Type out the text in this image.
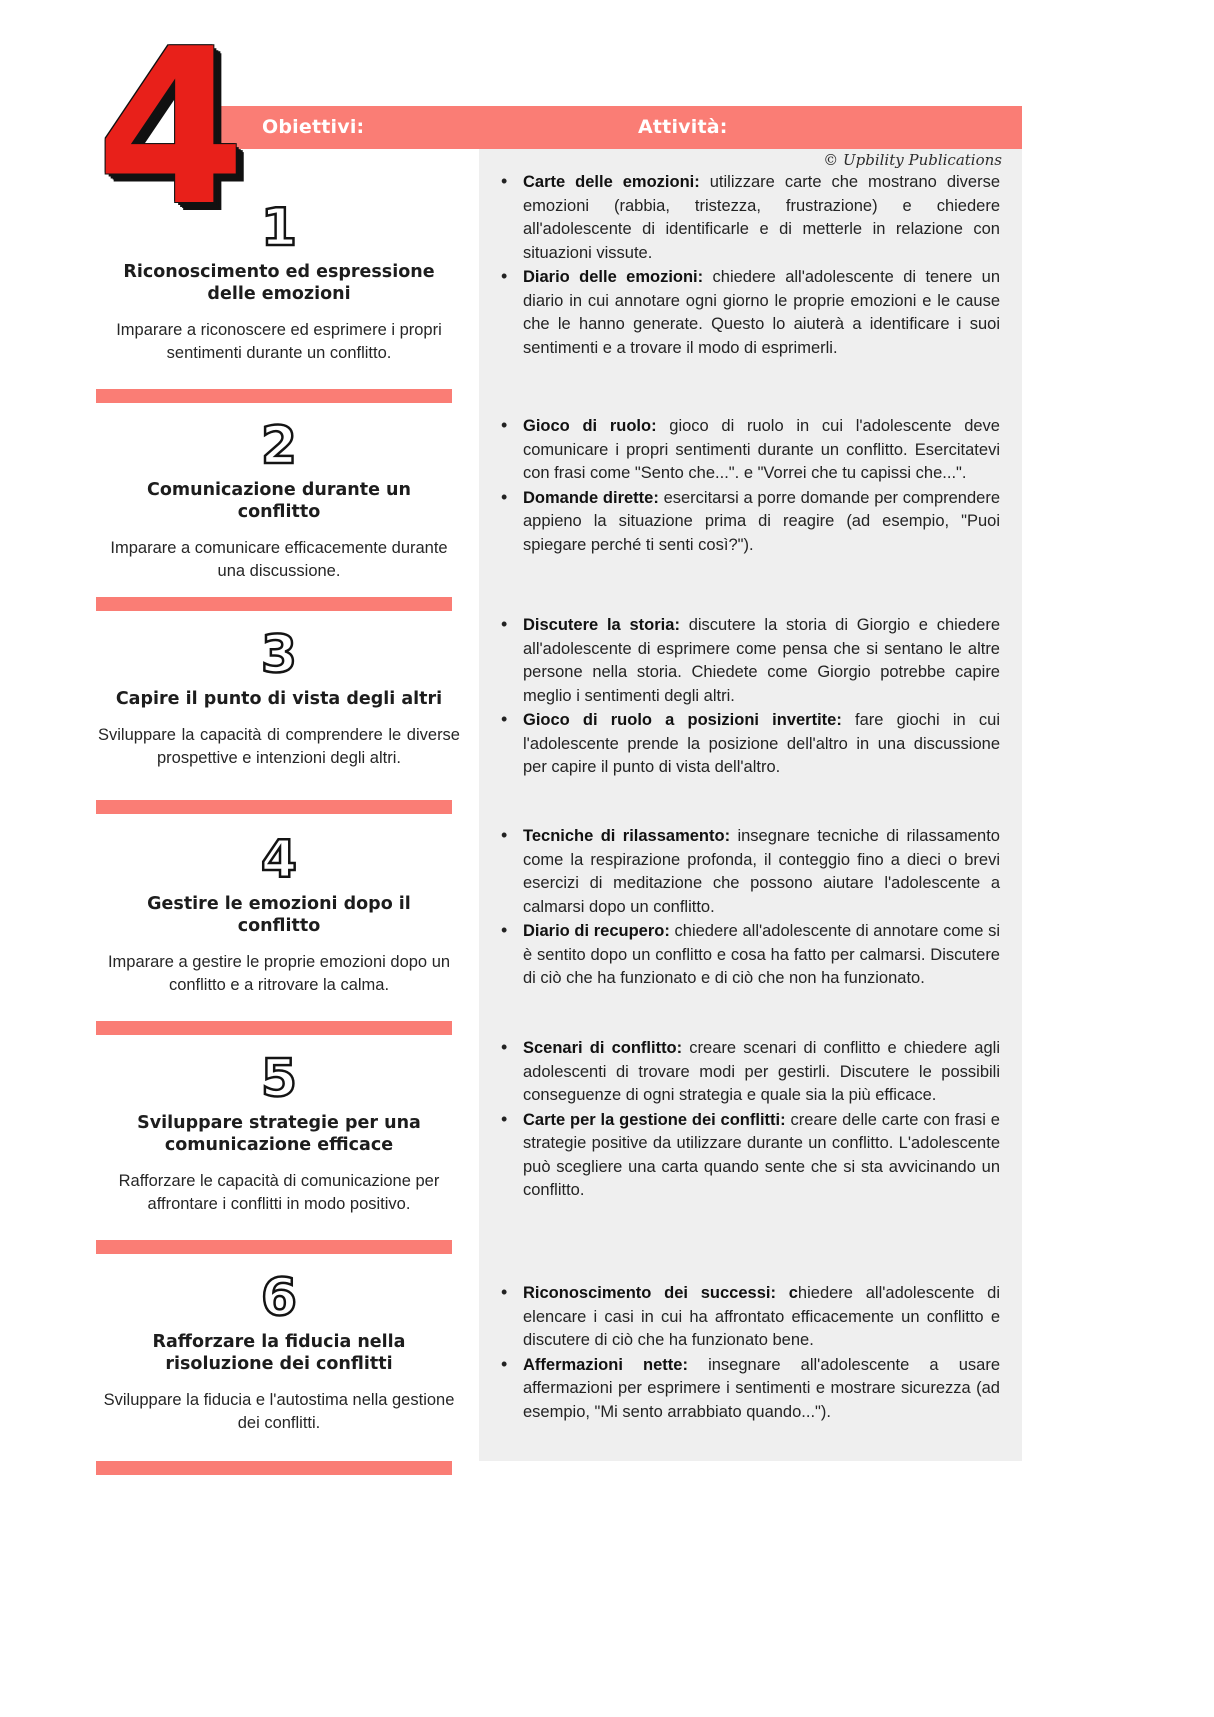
4 Obiettivi:	Attività:
© Upbility Publications
1
Riconoscimento ed espressione delle emozioni
Imparare a riconoscere ed esprimere i propri sentimenti durante un conflitto.
• Carte delle emozioni: utilizzare carte che mostrano diverse emozioni (rabbia, tristezza, frustrazione) e chiedere all'adolescente di identificarle e di metterle in relazione con situazioni vissute.
• Diario delle emozioni: chiedere all'adolescente di tenere un diario in cui annotare ogni giorno le proprie emozioni e le cause che le hanno generate. Questo lo aiuterà a identificare i suoi sentimenti e a trovare il modo di esprimerli.
2
Comunicazione durante un conflitto
Imparare a comunicare efficacemente durante una discussione.
• Gioco di ruolo: gioco di ruolo in cui l'adolescente deve comunicare i propri sentimenti durante un conflitto. Esercitatevi con frasi come "Sento che...". e "Vorrei che tu capissi che...".
• Domande dirette: esercitarsi a porre domande per comprendere appieno la situazione prima di reagire (ad esempio, "Puoi spiegare perché ti senti così?").
3
Capire il punto di vista degli altri
Sviluppare la capacità di comprendere le diverse prospettive e intenzioni degli altri.
• Discutere la storia: discutere la storia di Giorgio e chiedere all'adolescente di esprimere come pensa che si sentano le altre persone nella storia. Chiedete come Giorgio potrebbe capire meglio i sentimenti degli altri.
• Gioco di ruolo a posizioni invertite: fare giochi in cui l'adolescente prende la posizione dell'altro in una discussione per capire il punto di vista dell'altro.
4
Gestire le emozioni dopo il conflitto
Imparare a gestire le proprie emozioni dopo un conflitto e a ritrovare la calma.
• Tecniche di rilassamento: insegnare tecniche di rilassamento come la respirazione profonda, il conteggio fino a dieci o brevi esercizi di meditazione che possono aiutare l'adolescente a calmarsi dopo un conflitto.
• Diario di recupero: chiedere all'adolescente di annotare come si è sentito dopo un conflitto e cosa ha fatto per calmarsi. Discutere di ciò che ha funzionato e di ciò che non ha funzionato.
5
Sviluppare strategie per una comunicazione efficace
Rafforzare le capacità di comunicazione per affrontare i conflitti in modo positivo.
• Scenari di conflitto: creare scenari di conflitto e chiedere agli adolescenti di trovare modi per gestirli. Discutere le possibili conseguenze di ogni strategia e quale sia la più efficace.
• Carte per la gestione dei conflitti: creare delle carte con frasi e strategie positive da utilizzare durante un conflitto. L'adolescente può scegliere una carta quando sente che si sta avvicinando un conflitto.
6
Rafforzare la fiducia nella risoluzione dei conflitti
Sviluppare la fiducia e l'autostima nella gestione dei conflitti.
• Riconoscimento dei successi: chiedere all'adolescente di elencare i casi in cui ha affrontato efficacemente un conflitto e discutere di ciò che ha funzionato bene.
• Affermazioni nette: insegnare all'adolescente a usare affermazioni per esprimere i sentimenti e mostrare sicurezza (ad esempio, "Mi sento arrabbiato quando...").
